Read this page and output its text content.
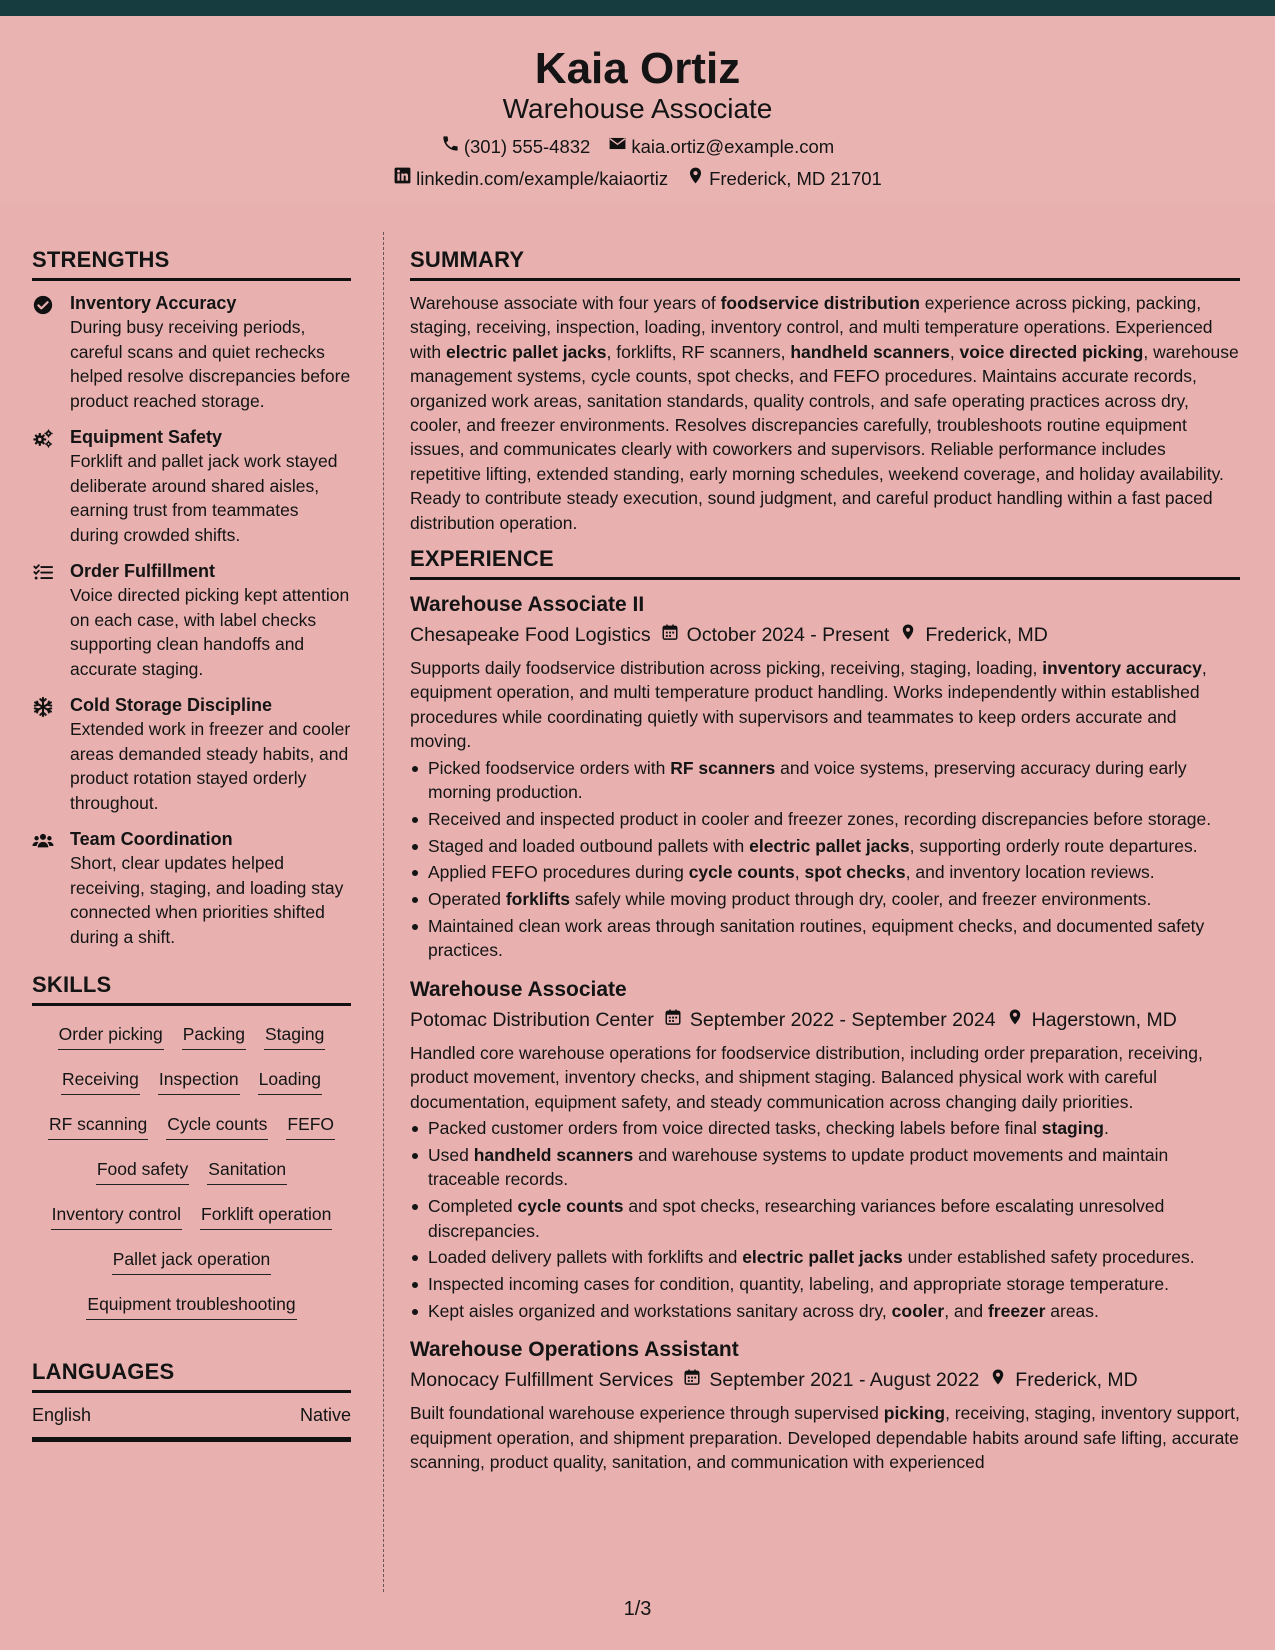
Kaia Ortiz
Warehouse Associate
(301) 555-4832 kaia.ortiz@example.com
linkedin.com/example/kaiaortiz Frederick, MD 21701
STRENGTHS
Inventory Accuracy
During busy receiving periods, careful scans and quiet rechecks helped resolve discrepancies before product reached storage.
Equipment Safety
Forklift and pallet jack work stayed deliberate around shared aisles, earning trust from teammates during crowded shifts.
Order Fulfillment
Voice directed picking kept attention on each case, with label checks supporting clean handoffs and accurate staging.
Cold Storage Discipline
Extended work in freezer and cooler areas demanded steady habits, and product rotation stayed orderly throughout.
Team Coordination
Short, clear updates helped receiving, staging, and loading stay connected when priorities shifted during a shift.
SKILLS
Order picking Packing Staging
Receiving Inspection Loading
RF scanning Cycle counts FEFO
Food safety Sanitation
Inventory control Forklift operation
Pallet jack operation
Equipment troubleshooting
LANGUAGES
English	Native
SUMMARY

Warehouse associate with four years of foodservice distribution experience across picking, packing, staging, receiving, inspection, loading, inventory control, and multi temperature operations. Experienced with electric pallet jacks, forklifts, RF scanners, handheld scanners, voice directed picking, warehouse management systems, cycle counts, spot checks, and FEFO procedures. Maintains accurate records, organized work areas, sanitation standards, quality controls, and safe operating practices across dry, cooler, and freezer environments. Resolves discrepancies carefully, troubleshoots routine equipment issues, and communicates clearly with coworkers and supervisors. Reliable performance includes repetitive lifting, extended standing, early morning schedules, weekend coverage, and holiday availability. Ready to contribute steady execution, sound judgment, and careful product handling within a fast paced distribution operation.

EXPERIENCE
Warehouse Associate II
Chesapeake Food Logistics October 2024 - Present Frederick, MD
Supports daily foodservice distribution across picking, receiving, staging, loading, inventory accuracy, equipment operation, and multi temperature product handling. Works independently within established procedures while coordinating quietly with supervisors and teammates to keep orders accurate and moving.
Picked foodservice orders with RF scanners and voice systems, preserving accuracy during early morning production.
Received and inspected product in cooler and freezer zones, recording discrepancies before storage.
Staged and loaded outbound pallets with electric pallet jacks, supporting orderly route departures.
Applied FEFO procedures during cycle counts, spot checks, and inventory location reviews.
Operated forklifts safely while moving product through dry, cooler, and freezer environments.
Maintained clean work areas through sanitation routines, equipment checks, and documented safety practices.
Warehouse Associate
Potomac Distribution Center September 2022 - September 2024 Hagerstown, MD
Handled core warehouse operations for foodservice distribution, including order preparation, receiving, product movement, inventory checks, and shipment staging. Balanced physical work with careful documentation, equipment safety, and steady communication across changing daily priorities.
Packed customer orders from voice directed tasks, checking labels before final staging.
Used handheld scanners and warehouse systems to update product movements and maintain traceable records.
Completed cycle counts and spot checks, researching variances before escalating unresolved discrepancies.
Loaded delivery pallets with forklifts and electric pallet jacks under established safety procedures.
Inspected incoming cases for condition, quantity, labeling, and appropriate storage temperature.
Kept aisles organized and workstations sanitary across dry, cooler, and freezer areas.
Warehouse Operations Assistant
Monocacy Fulfillment Services September 2021 - August 2022 Frederick, MD
Built foundational warehouse experience through supervised picking, receiving, staging, inventory support, equipment operation, and shipment preparation. Developed dependable habits around safe lifting, accurate scanning, product quality, sanitation, and communication with experienced
1/3
